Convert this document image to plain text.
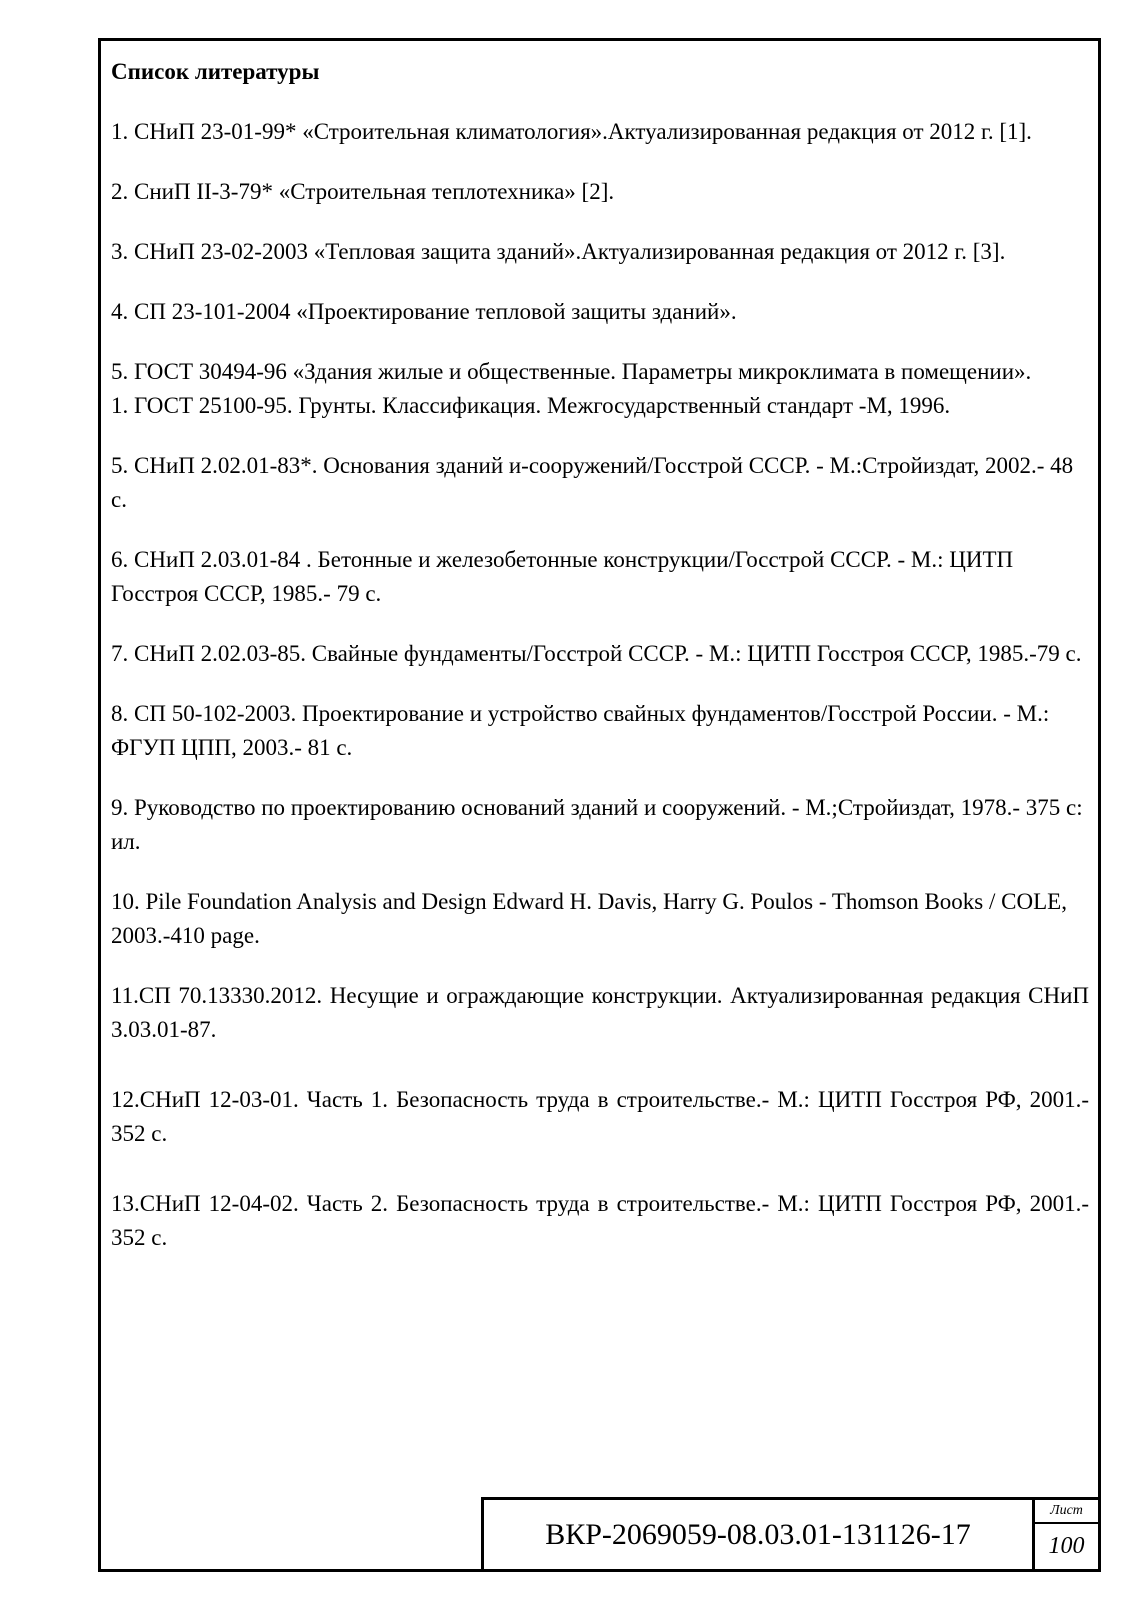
Список литературы
1. СНиП 23-01-99* «Строительная климатология».Актуализированная редакция от 2012 г. [1].
2. СниП II-3-79* «Строительная теплотехника» [2].
3. СНиП 23-02-2003 «Тепловая защита зданий».Актуализированная редакция от 2012 г. [3].
4. СП 23-101-2004 «Проектирование тепловой защиты зданий».
5. ГОСТ 30494-96 «Здания жилые и общественные. Параметры микроклимата в помещении».
1. ГОСТ 25100-95. Грунты. Классификация. Межгосударственный стандарт -М, 1996.
5. СНиП 2.02.01-83*. Основания зданий и-сооружений/Госстрой СССР. - М.:Стройиздат, 2002.- 48 с.
6. СНиП 2.03.01-84 . Бетонные и железобетонные конструкции/Госстрой СССР. - М.: ЦИТП Госстроя СССР, 1985.- 79 с.
7. СНиП 2.02.03-85. Свайные фундаменты/Госстрой СССР. - М.: ЦИТП Госстроя СССР, 1985.-79 с.
8. СП 50-102-2003. Проектирование и устройство свайных фундаментов/Госстрой России. - М.: ФГУП ЦПП, 2003.- 81 с.
9. Руководство по проектированию оснований зданий и сооружений. - М.;Стройиздат, 1978.- 375 с: ил.
10. Pile Foundation Analysis and Design Edward H. Davis, Harry G. Poulos - Thomson Books / COLE, 2003.-410 page.
11.СП 70.13330.2012. Несущие и ограждающие конструкции. Актуализированная редакция СНиП 3.03.01-87.
12.СНиП 12-03-01. Часть 1. Безопасность труда в строительстве.- М.: ЦИТП Госстроя РФ, 2001.- 352 с.
13.СНиП 12-04-02. Часть 2. Безопасность труда в строительстве.- М.: ЦИТП Госстроя РФ, 2001.- 352 с.
ВКР-2069059-08.03.01-131126-17
Лист
100
